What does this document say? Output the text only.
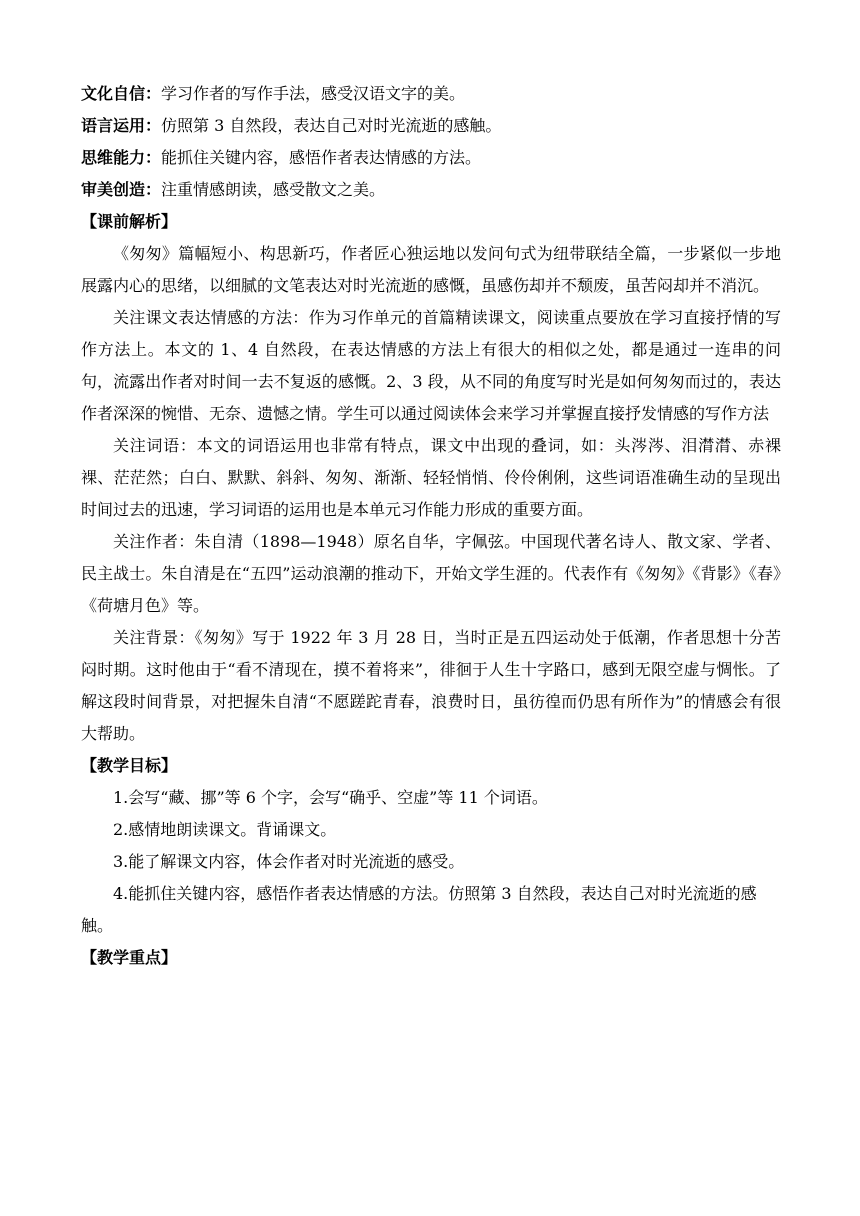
文化自信：学习作者的写作手法，感受汉语文字的美。
语言运用：仿照第 3 自然段，表达自己对时光流逝的感触。
思维能力：能抓住关键内容，感悟作者表达情感的方法。
审美创造：注重情感朗读，感受散文之美。
【课前解析】

《匆匆》篇幅短小、构思新巧，作者匠心独运地以发问句式为纽带联结全篇，一步紧似一步地展露内心的思绪，以细腻的文笔表达对时光流逝的感慨，虽感伤却并不颓废，虽苦闷却并不消沉。

关注课文表达情感的方法：作为习作单元的首篇精读课文，阅读重点要放在学习直接抒情的写作方法上。本文的 1、4 自然段，在表达情感的方法上有很大的相似之处，都是通过一连串的问句，流露出作者对时间一去不复返的感慨。2、3 段，从不同的角度写时光是如何匆匆而过的，表达作者深深的惋惜、无奈、遗憾之情。学生可以通过阅读体会来学习并掌握直接抒发情感的写作方法

关注词语：本文的词语运用也非常有特点，课文中出现的叠词，如：头涔涔、泪潸潸、赤裸裸、茫茫然；白白、默默、斜斜、匆匆、渐渐、轻轻悄悄、伶伶俐俐，这些词语准确生动的呈现出时间过去的迅速，学习词语的运用也是本单元习作能力形成的重要方面。

关注作者：朱自清（1898—1948）原名自华，字佩弦。中国现代著名诗人、散文家、学者、民主战士。朱自清是在“五四”运动浪潮的推动下，开始文学生涯的。代表作有《匆匆》《背影》《春》《荷塘月色》等。

关注背景：《匆匆》写于 1922 年 3 月 28 日，当时正是五四运动处于低潮，作者思想十分苦闷时期。这时他由于“看不清现在，摸不着将来”，徘徊于人生十字路口，感到无限空虚与惆怅。了解这段时间背景，对把握朱自清“不愿蹉跎青春，浪费时日，虽彷徨而仍思有所作为”的情感会有很大帮助。

【教学目标】

1.会写“藏、挪”等 6 个字，会写“确乎、空虚”等 11 个词语。

2.感情地朗读课文。背诵课文。

3.能了解课文内容，体会作者对时光流逝的感受。

4.能抓住关键内容，感悟作者表达情感的方法。仿照第 3 自然段，表达自己对时光流逝的感触。

【教学重点】
